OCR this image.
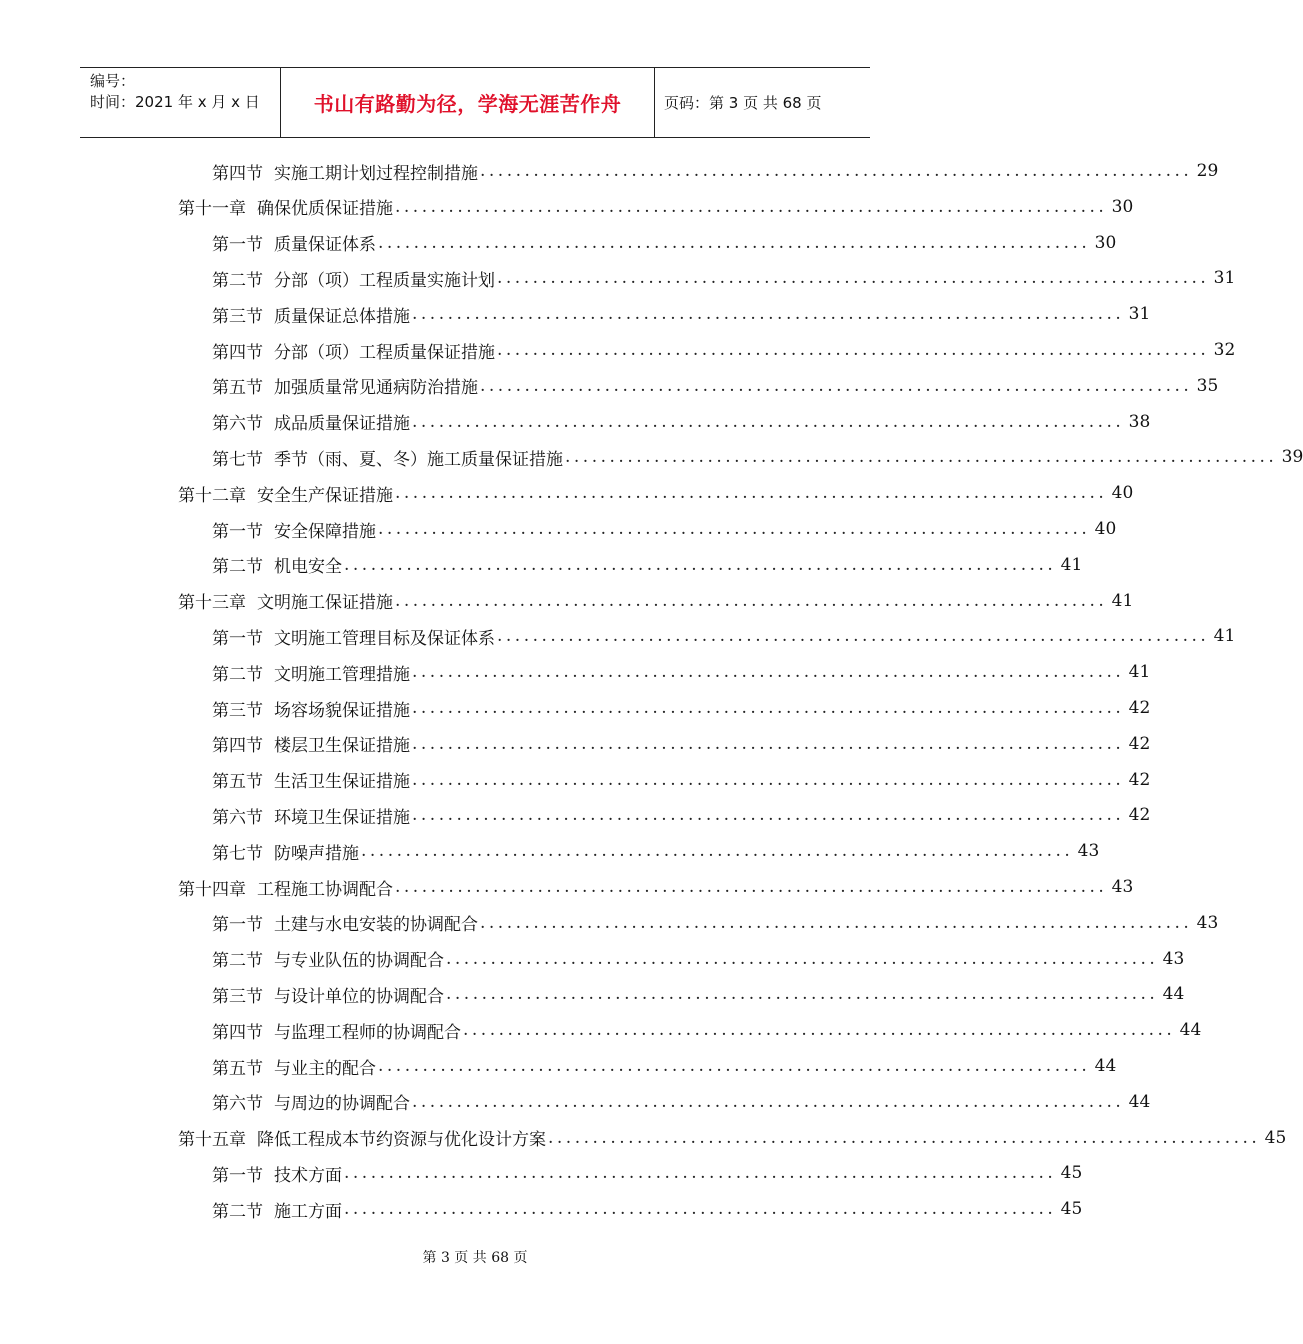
编号：
时间：2021 年 x 月 x 日	书山有路勤为径，学海无涯苦作舟	页码：第 3 页 共 68 页
第四节 实施工期计划过程控制措施 ................................................................................ 29
第十一章 确保优质保证措施 ................................................................................ 30
第一节 质量保证体系 ................................................................................ 30
第二节 分部（项）工程质量实施计划 ................................................................................ 31
第三节 质量保证总体措施 ................................................................................ 31
第四节 分部（项）工程质量保证措施 ................................................................................ 32
第五节 加强质量常见通病防治措施 ................................................................................ 35
第六节 成品质量保证措施 ................................................................................ 38
第七节 季节（雨、夏、冬）施工质量保证措施 ................................................................................ 39
第十二章 安全生产保证措施 ................................................................................ 40
第一节 安全保障措施 ................................................................................ 40
第二节 机电安全 ................................................................................ 41
第十三章 文明施工保证措施 ................................................................................ 41
第一节 文明施工管理目标及保证体系 ................................................................................ 41
第二节 文明施工管理措施 ................................................................................ 41
第三节 场容场貌保证措施 ................................................................................ 42
第四节 楼层卫生保证措施 ................................................................................ 42
第五节 生活卫生保证措施 ................................................................................ 42
第六节 环境卫生保证措施 ................................................................................ 42
第七节 防噪声措施 ................................................................................ 43
第十四章 工程施工协调配合 ................................................................................ 43
第一节 土建与水电安装的协调配合 ................................................................................ 43
第二节 与专业队伍的协调配合 ................................................................................ 43
第三节 与设计单位的协调配合 ................................................................................ 44
第四节 与监理工程师的协调配合 ................................................................................ 44
第五节 与业主的配合 ................................................................................ 44
第六节 与周边的协调配合 ................................................................................ 44
第十五章 降低工程成本节约资源与优化设计方案 ................................................................................ 45
第一节 技术方面 ................................................................................ 45
第二节 施工方面 ................................................................................ 45
第 3 页 共 68 页
